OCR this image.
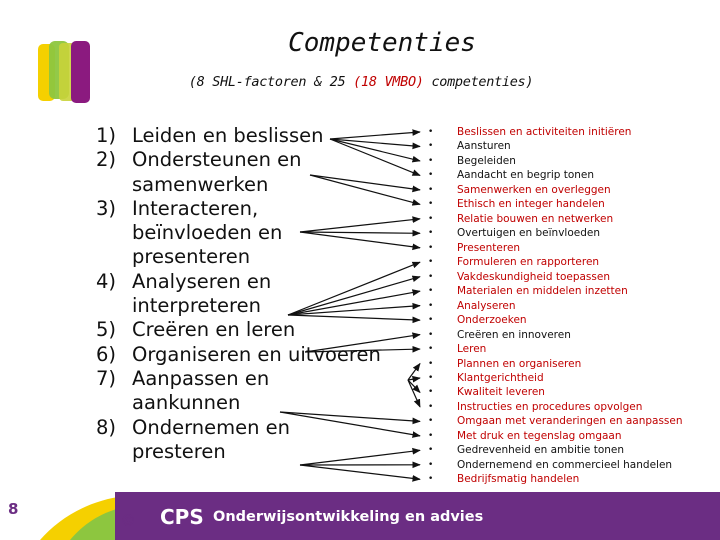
Competenties
(8 SHL-factoren & 25 (18 VMBO) competenties)
1) Leiden en beslissen
2) Ondersteunen en
samenwerken
3) Interacteren,
beïnvloeden en
presenteren
4) Analyseren en
interpreteren
5) Creëren en leren
6) Organiseren en uitvoeren
7) Aanpassen en
aankunnen
8) Ondernemen en
presteren
• Beslissen en activiteiten initiëren
• Aansturen
• Begeleiden
• Aandacht en begrip tonen
• Samenwerken en overleggen
• Ethisch en integer handelen
• Relatie bouwen en netwerken
• Overtuigen en beïnvloeden
• Presenteren
• Formuleren en rapporteren
• Vakdeskundigheid toepassen
• Materialen en middelen inzetten
• Analyseren
• Onderzoeken
• Creëren en innoveren
• Leren
• Plannen en organiseren
• Klantgerichtheid
• Kwaliteit leveren
• Instructies en procedures opvolgen
• Omgaan met veranderingen en aanpassen
• Met druk en tegenslag omgaan
• Gedrevenheid en ambitie tonen
• Ondernemend en commercieel handelen
• Bedrijfsmatig handelen
© CPS Onderwijsontwikkeling en advies
8
